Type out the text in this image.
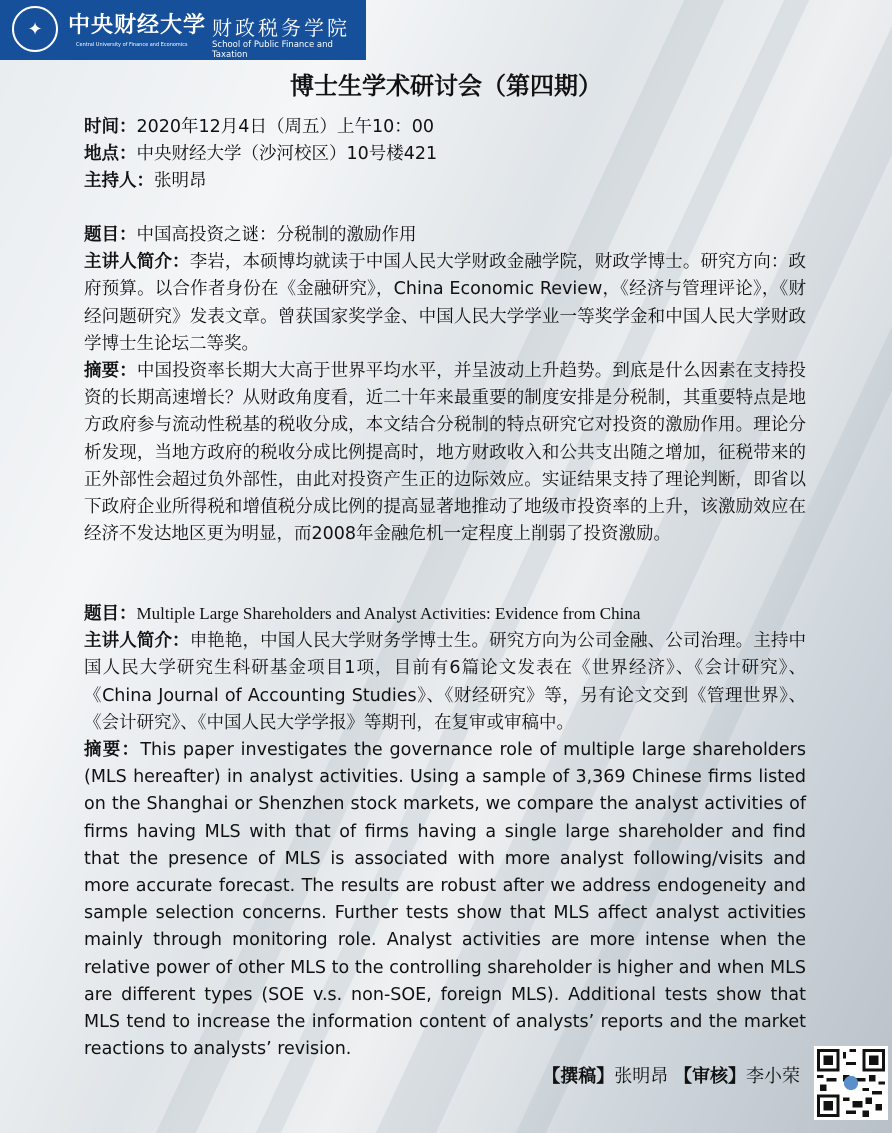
✦	中央财经大学
Central University of Finance and Economics
财政税务学院
School of Public Finance and Taxation
博士生学术研讨会（第四期）
时间：2020年12月4日（周五）上午10：00
地点：中央财经大学（沙河校区）10号楼421
主持人：张明昂
题目：中国高投资之谜：分税制的激励作用
主讲人简介：李岩，本硕博均就读于中国人民大学财政金融学院，财政学博士。研究方向：政府预算。以合作者身份在《金融研究》，China Economic Review，《经济与管理评论》，《财经问题研究》发表文章。曾获国家奖学金、中国人民大学学业一等奖学金和中国人民大学财政学博士生论坛二等奖。
摘要：中国投资率长期大大高于世界平均水平，并呈波动上升趋势。到底是什么因素在支持投资的长期高速增长？从财政角度看，近二十年来最重要的制度安排是分税制，其重要特点是地方政府参与流动性税基的税收分成，本文结合分税制的特点研究它对投资的激励作用。理论分析发现，当地方政府的税收分成比例提高时，地方财政收入和公共支出随之增加，征税带来的正外部性会超过负外部性，由此对投资产生正的边际效应。实证结果支持了理论判断，即省以下政府企业所得税和增值税分成比例的提高显著地推动了地级市投资率的上升，该激励效应在经济不发达地区更为明显，而2008年金融危机一定程度上削弱了投资激励。
题目：Multiple Large Shareholders and Analyst Activities: Evidence from China
主讲人简介：申艳艳，中国人民大学财务学博士生。研究方向为公司金融、公司治理。主持中国人民大学研究生科研基金项目1项，目前有6篇论文发表在《世界经济》、《会计研究》、《China Journal of Accounting Studies》、《财经研究》等，另有论文交到《管理世界》、《会计研究》、《中国人民大学学报》等期刊，在复审或审稿中。
摘要：This paper investigates the governance role of multiple large shareholders (MLS hereafter) in analyst activities. Using a sample of 3,369 Chinese firms listed on the Shanghai or Shenzhen stock markets, we compare the analyst activities of firms having MLS with that of firms having a single large shareholder and find that the presence of MLS is associated with more analyst following/visits and more accurate forecast. The results are robust after we address endogeneity and sample selection concerns. Further tests show that MLS affect analyst activities mainly through monitoring role. Analyst activities are more intense when the relative power of other MLS to the controlling shareholder is higher and when MLS are different types (SOE v.s. non-SOE, foreign MLS). Additional tests show that MLS tend to increase the information content of analysts’ reports and the market reactions to analysts’ revision.
【撰稿】张明昂 【审核】李小荣
